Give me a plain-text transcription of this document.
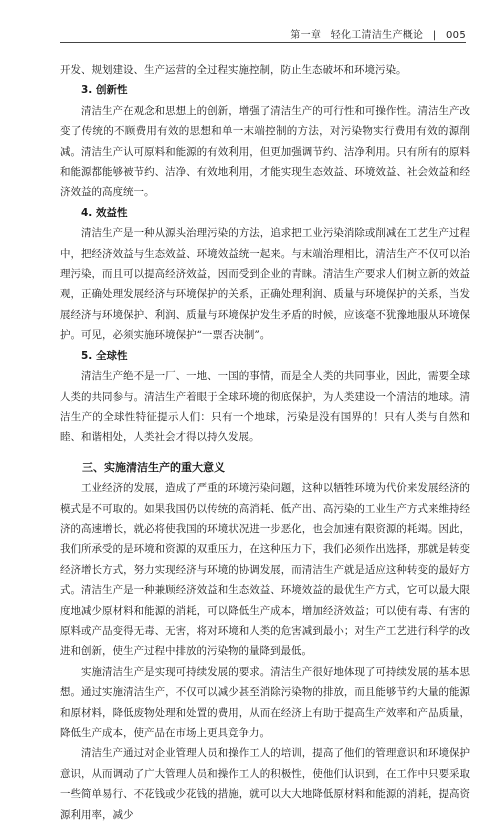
第一章 轻化工清洁生产概论 | 005

开发、规划建设、生产运营的全过程实施控制，防止生态破坏和环境污染。

3. 创新性

清洁生产在观念和思想上的创新，增强了清洁生产的可行性和可操作性。清洁生产改变了传统的不顾费用有效的思想和单一末端控制的方法，对污染物实行费用有效的源削减。清洁生产认可原料和能源的有效利用，但更加强调节约、洁净利用。只有所有的原料和能源都能够被节约、洁净、有效地利用，才能实现生态效益、环境效益、社会效益和经济效益的高度统一。

4. 效益性

清洁生产是一种从源头治理污染的方法，追求把工业污染消除或削减在工艺生产过程中，把经济效益与生态效益、环境效益统一起来。与末端治理相比，清洁生产不仅可以治理污染，而且可以提高经济效益，因而受到企业的青睐。清洁生产要求人们树立新的效益观，正确处理发展经济与环境保护的关系，正确处理利润、质量与环境保护的关系，当发展经济与环境保护、利润、质量与环境保护发生矛盾的时候，应该毫不犹豫地服从环境保护。可见，必须实施环境保护“一票否决制”。

5. 全球性

清洁生产绝不是一厂、一地、一国的事情，而是全人类的共同事业，因此，需要全球人类的共同参与。清洁生产着眼于全球环境的彻底保护，为人类建设一个清洁的地球。清洁生产的全球性特征提示人们：只有一个地球，污染是没有国界的！只有人类与自然和睦、和谐相处，人类社会才得以持久发展。

三、实施清洁生产的重大意义

工业经济的发展，造成了严重的环境污染问题，这种以牺牲环境为代价来发展经济的模式是不可取的。如果我国仍以传统的高消耗、低产出、高污染的工业生产方式来维持经济的高速增长，就必将使我国的环境状况进一步恶化，也会加速有限资源的耗竭。因此，我们所承受的是环境和资源的双重压力，在这种压力下，我们必须作出选择，那就是转变经济增长方式，努力实现经济与环境的协调发展，而清洁生产就是适应这种转变的最好方式。清洁生产是一种兼顾经济效益和生态效益、环境效益的最优生产方式，它可以最大限度地减少原材料和能源的消耗，可以降低生产成本，增加经济效益；可以使有毒、有害的原料或产品变得无毒、无害，将对环境和人类的危害减到最小；对生产工艺进行科学的改进和创新，使生产过程中排放的污染物的量降到最低。

实施清洁生产是实现可持续发展的要求。清洁生产很好地体现了可持续发展的基本思想。通过实施清洁生产，不仅可以减少甚至消除污染物的排放，而且能够节约大量的能源和原材料，降低废物处理和处置的费用，从而在经济上有助于提高生产效率和产品质量，降低生产成本，使产品在市场上更具竞争力。

清洁生产通过对企业管理人员和操作工人的培训，提高了他们的管理意识和环境保护意识，从而调动了广大管理人员和操作工人的积极性，使他们认识到，在工作中只要采取一些简单易行、不花钱或少花钱的措施，就可以大大地降低原材料和能源的消耗，提高资源利用率，减少
